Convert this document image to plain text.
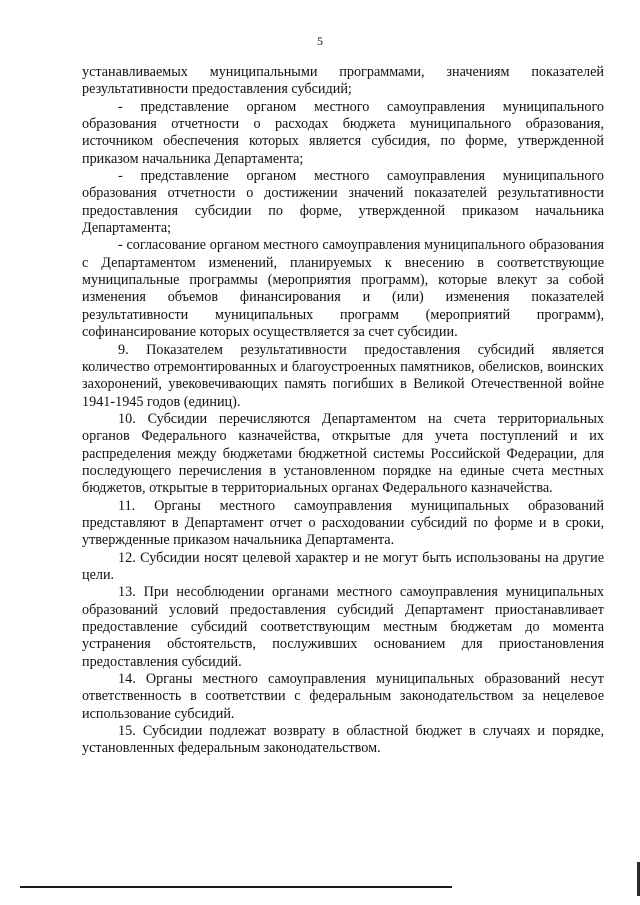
5

устанавливаемых муниципальными программами, значениям показателей результативности предоставления субсидий;

- представление органом местного самоуправления муниципального образования отчетности о расходах бюджета муниципального образования, источником обеспечения которых является субсидия, по форме, утвержденной приказом начальника Департамента;

- представление органом местного самоуправления муниципального образования отчетности о достижении значений показателей результативности предоставления субсидии по форме, утвержденной приказом начальника Департамента;

- согласование органом местного самоуправления муниципального образования с Департаментом изменений, планируемых к внесению в соответствующие муниципальные программы (мероприятия программ), которые влекут за собой изменения объемов финансирования и (или) изменения показателей результативности муниципальных программ (мероприятий программ), софинансирование которых осуществляется за счет субсидии.

9. Показателем результативности предоставления субсидий является количество отремонтированных и благоустроенных памятников, обелисков, воинских захоронений, увековечивающих память погибших в Великой Отечественной войне 1941-1945 годов (единиц).

10. Субсидии перечисляются Департаментом на счета территориальных органов Федерального казначейства, открытые для учета поступлений и их распределения между бюджетами бюджетной системы Российской Федерации, для последующего перечисления в установленном порядке на единые счета местных бюджетов, открытые в территориальных органах Федерального казначейства.

11. Органы местного самоуправления муниципальных образований представляют в Департамент отчет о расходовании субсидий по форме и в сроки, утвержденные приказом начальника Департамента.

12. Субсидии носят целевой характер и не могут быть использованы на другие цели.

13. При несоблюдении органами местного самоуправления муниципальных образований условий предоставления субсидий Департамент приостанавливает предоставление субсидий соответствующим местным бюджетам до момента устранения обстоятельств, послуживших основанием для приостановления предоставления субсидий.

14. Органы местного самоуправления муниципальных образований несут ответственность в соответствии с федеральным законодательством за нецелевое использование субсидий.

15. Субсидии подлежат возврату в областной бюджет в случаях и порядке, установленных федеральным законодательством.
